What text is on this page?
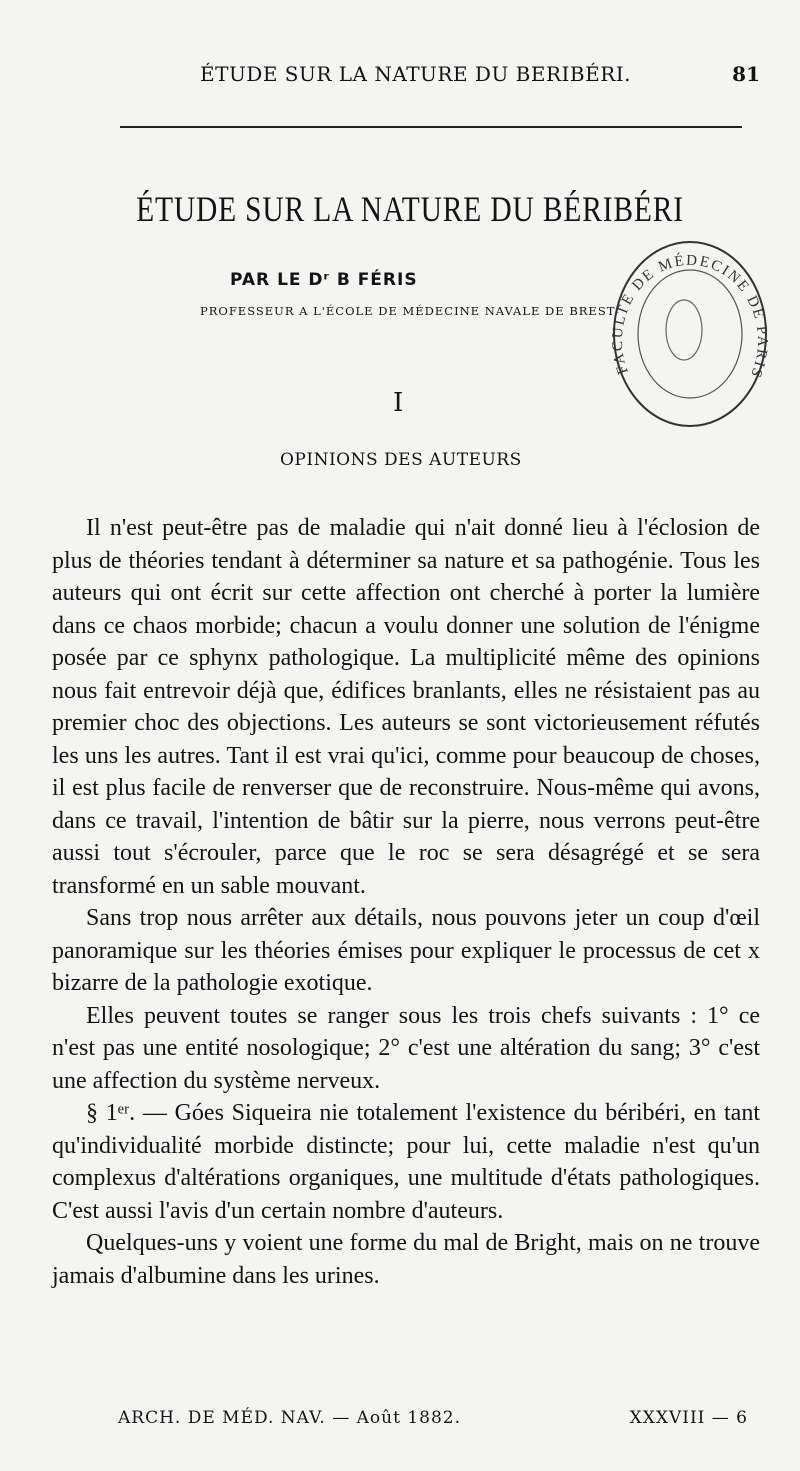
ÉTUDE SUR LA NATURE DU BERIBÉRI.	81
ÉTUDE SUR LA NATURE DU BÉRIBÉRI
PAR LE Dʳ B FÉRIS
PROFESSEUR A L'ÉCOLE DE MÉDECINE NAVALE DE BREST
I
OPINIONS DES AUTEURS
FACULTÉ DE MÉDECINE DE PARIS

Il n'est peut-être pas de maladie qui n'ait donné lieu à l'éclosion de plus de théories tendant à déterminer sa nature et sa pathogénie. Tous les auteurs qui ont écrit sur cette affection ont cherché à porter la lumière dans ce chaos morbide; chacun a voulu donner une solution de l'énigme posée par ce sphynx pathologique. La multiplicité même des opinions nous fait entrevoir déjà que, édifices branlants, elles ne résistaient pas au premier choc des objections. Les auteurs se sont victorieusement réfutés les uns les autres. Tant il est vrai qu'ici, comme pour beaucoup de choses, il est plus facile de renverser que de reconstruire. Nous-même qui avons, dans ce travail, l'intention de bâtir sur la pierre, nous verrons peut-être aussi tout s'écrouler, parce que le roc se sera désagrégé et se sera transformé en un sable mouvant.

Sans trop nous arrêter aux détails, nous pouvons jeter un coup d'œil panoramique sur les théories émises pour expliquer le processus de cet x bizarre de la pathologie exotique.

Elles peuvent toutes se ranger sous les trois chefs suivants : 1° ce n'est pas une entité nosologique; 2° c'est une altération du sang; 3° c'est une affection du système nerveux.

§ 1ᵉʳ. — Góes Siqueira nie totalement l'existence du béribéri, en tant qu'individualité morbide distincte; pour lui, cette maladie n'est qu'un complexus d'altérations organiques, une multitude d'états pathologiques. C'est aussi l'avis d'un certain nombre d'auteurs.

Quelques-uns y voient une forme du mal de Bright, mais on ne trouve jamais d'albumine dans les urines.

ARCH. DE MÉD. NAV. — Août 1882.	XXXVIII — 6
